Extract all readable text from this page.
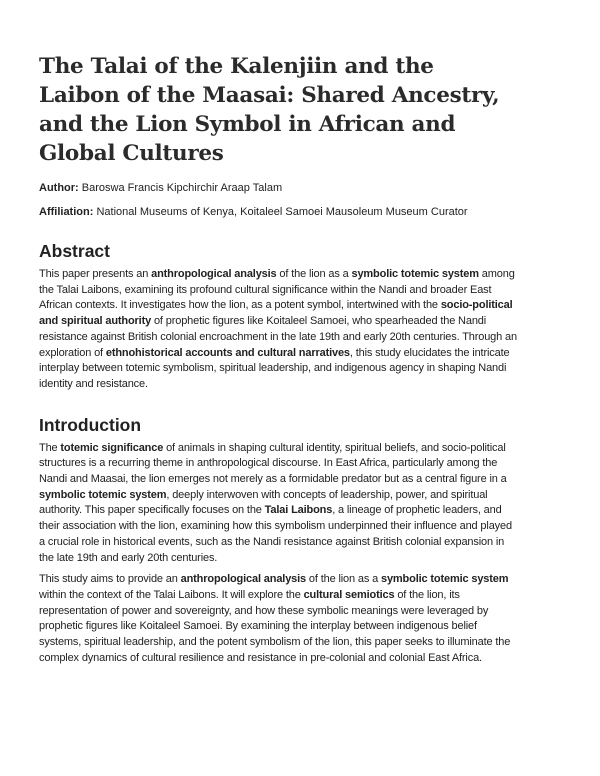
The Talai of the Kalenjiin and the Laibon of the Maasai: Shared Ancestry, and the Lion Symbol in African and Global Cultures

Author: Baroswa Francis Kipchirchir Araap Talam

Affiliation: National Museums of Kenya, Koitaleel Samoei Mausoleum Museum Curator

Abstract

This paper presents an anthropological analysis of the lion as a symbolic totemic system among the Talai Laibons, examining its profound cultural significance within the Nandi and broader East African contexts. It investigates how the lion, as a potent symbol, intertwined with the socio-political and spiritual authority of prophetic figures like Koitaleel Samoei, who spearheaded the Nandi resistance against British colonial encroachment in the late 19th and early 20th centuries. Through an exploration of ethnohistorical accounts and cultural narratives, this study elucidates the intricate interplay between totemic symbolism, spiritual leadership, and indigenous agency in shaping Nandi identity and resistance.

Introduction

The totemic significance of animals in shaping cultural identity, spiritual beliefs, and socio-political structures is a recurring theme in anthropological discourse. In East Africa, particularly among the Nandi and Maasai, the lion emerges not merely as a formidable predator but as a central figure in a symbolic totemic system, deeply interwoven with concepts of leadership, power, and spiritual authority. This paper specifically focuses on the Talai Laibons, a lineage of prophetic leaders, and their association with the lion, examining how this symbolism underpinned their influence and played a crucial role in historical events, such as the Nandi resistance against British colonial expansion in the late 19th and early 20th centuries.

This study aims to provide an anthropological analysis of the lion as a symbolic totemic system within the context of the Talai Laibons. It will explore the cultural semiotics of the lion, its representation of power and sovereignty, and how these symbolic meanings were leveraged by prophetic figures like Koitaleel Samoei. By examining the interplay between indigenous belief systems, spiritual leadership, and the potent symbolism of the lion, this paper seeks to illuminate the complex dynamics of cultural resilience and resistance in pre-colonial and colonial East Africa.
